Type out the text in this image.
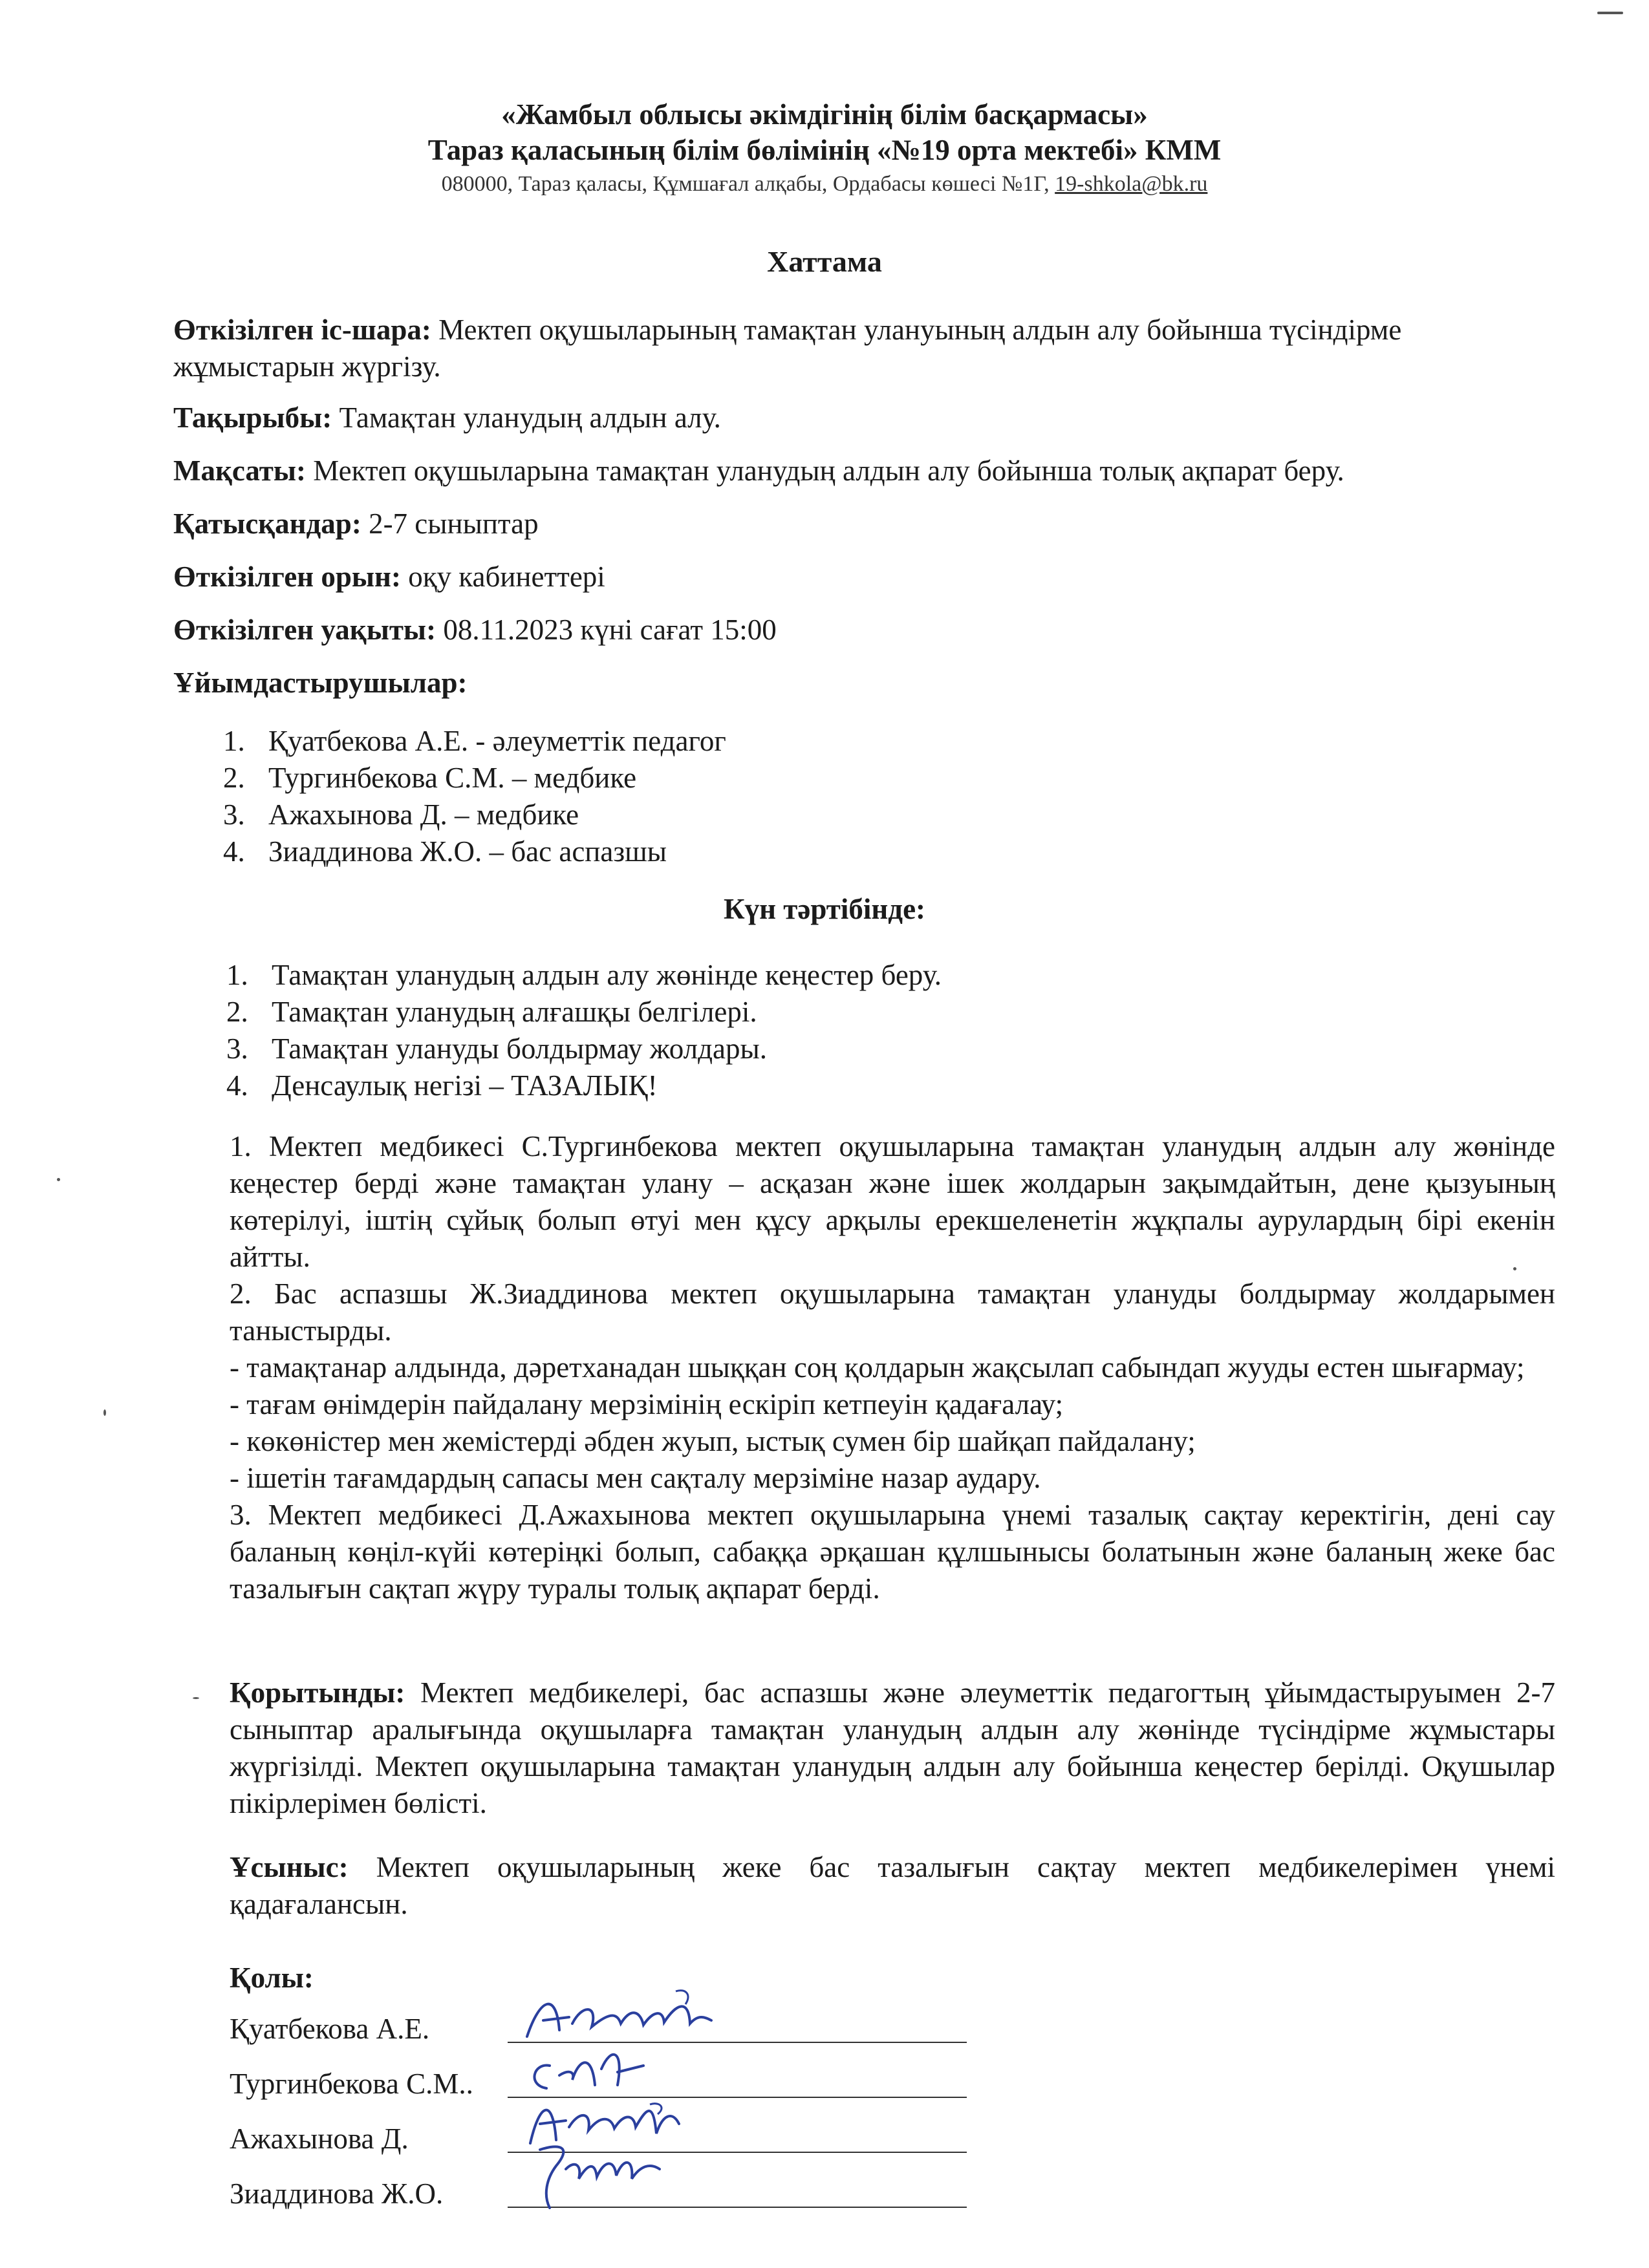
«Жамбыл облысы әкімдігінің білім басқармасы»
Тараз қаласының білім бөлімінің «№19 орта мектебі» КММ
080000, Тараз қаласы, Құмшағал алқабы, Ордабасы көшесі №1Г, 19-shkola@bk.ru
Хаттама

Өткізілген іс-шара: Мектеп оқушыларының тамақтан улануының алдын алу бойынша түсіндірме жұмыстарын жүргізу.

Тақырыбы: Тамақтан уланудың алдын алу.

Мақсаты: Мектеп оқушыларына тамақтан уланудың алдын алу бойынша толық ақпарат беру.

Қатысқандар: 2-7 сыныптар

Өткізілген орын: оқу кабинеттері

Өткізілген уақыты: 08.11.2023 күні сағат 15:00

Ұйымдастырушылар:

1. Қуатбекова А.Е. - әлеуметтік педагог
2. Тургинбекова С.М. – медбике
3. Ажахынова Д. – медбике
4. Зиаддинова Ж.О. – бас аспазшы
Күн тәртібінде:
1. Тамақтан уланудың алдын алу жөнінде кеңестер беру.
2. Тамақтан уланудың алғашқы белгілері.
3. Тамақтан улануды болдырмау жолдары.
4. Денсаулық негізі – ТАЗАЛЫҚ!

1. Мектеп медбикесі С.Тургинбекова мектеп оқушыларына тамақтан уланудың алдын алу жөнінде кеңестер берді және тамақтан улану – асқазан және ішек жолдарын зақымдайтын, дене қызуының көтерілуі, іштің сұйық болып өтуі мен құсу арқылы ерекшеленетін жұқпалы аурулардың бірі екенін айтты.

2. Бас аспазшы Ж.Зиаддинова мектеп оқушыларына тамақтан улануды болдырмау жолдарымен таныстырды.

- тамақтанар алдында, дәретханадан шыққан соң қолдарын жақсылап сабындап жууды естен шығармау;

- тағам өнімдерін пайдалану мерзімінің ескіріп кетпеуін қадағалау;

- көкөністер мен жемістерді әбден жуып, ыстық сумен бір шайқап пайдалану;

- ішетін тағамдардың сапасы мен сақталу мерзіміне назар аудару.

3. Мектеп медбикесі Д.Ажахынова мектеп оқушыларына үнемі тазалық сақтау керектігін, дені сау баланың көңіл-күйі көтеріңкі болып, сабаққа әрқашан құлшынысы болатынын және баланың жеке бас тазалығын сақтап жүру туралы толық ақпарат берді.

Қорытынды: Мектеп медбикелері, бас аспазшы және әлеуметтік педагогтың ұйымдастыруымен 2-7 сыныптар аралығында оқушыларға тамақтан уланудың алдын алу жөнінде түсіндірме жұмыстары жүргізілді. Мектеп оқушыларына тамақтан уланудың алдын алу бойынша кеңестер берілді. Оқушылар пікірлерімен бөлісті.

Ұсыныс: Мектеп оқушыларының жеке бас тазалығын сақтау мектеп медбикелерімен үнемі қадағалансын.

Қолы:
Қуатбекова А.Е.
Тургинбекова С.М..
Ажахынова Д.
Зиаддинова Ж.О.
